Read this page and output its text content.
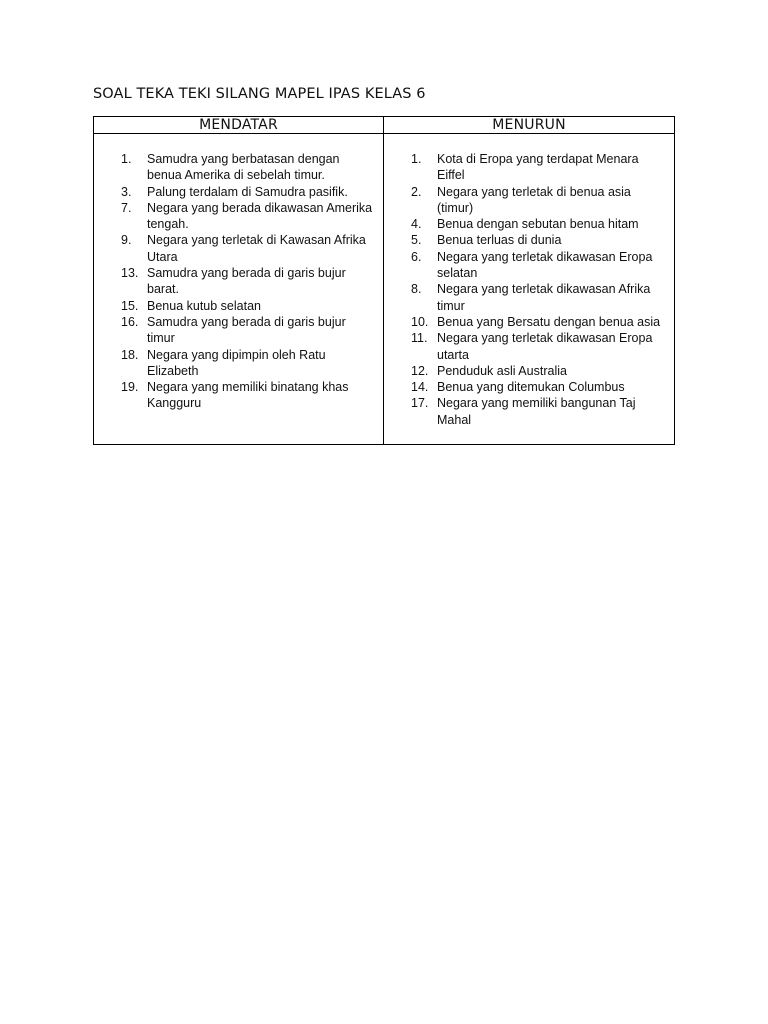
SOAL TEKA TEKI SILANG MAPEL IPAS KELAS 6
MENDATAR	MENURUN
1.	Samudra yang berbatasan dengan benua Amerika di sebelah timur.
3.	Palung terdalam di Samudra pasifik.
7.	Negara yang berada dikawasan Amerika tengah.
9.	Negara yang terletak di Kawasan Afrika Utara
13. Samudra yang berada di garis bujur barat.
15. Benua kutub selatan
16. Samudra yang berada di garis bujur timur
18. Negara yang dipimpin oleh Ratu Elizabeth
19. Negara yang memiliki binatang khas Kangguru
1.	Kota di Eropa yang terdapat Menara Eiffel
2.	Negara yang terletak di benua asia (timur)
4.	Benua dengan sebutan benua hitam
5.	Benua terluas di dunia
6.	Negara yang terletak dikawasan Eropa selatan
8.	Negara yang terletak dikawasan Afrika timur
10. Benua yang Bersatu dengan benua asia
11. Negara yang terletak dikawasan Eropa utarta
12. Penduduk asli Australia
14. Benua yang ditemukan Columbus
17. Negara yang memiliki bangunan Taj Mahal
